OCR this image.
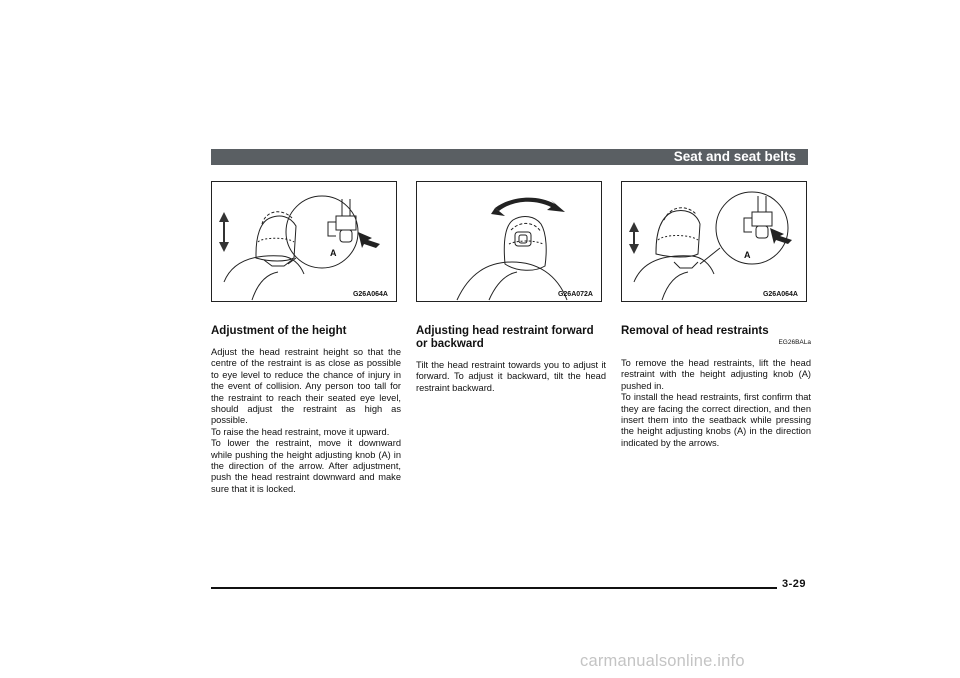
Seat and seat belts
A
G26A064A	G26A072A
A
G26A064A
Adjustment of the height

Adjust the head restraint height so that the centre of the restraint is as close as possible to eye level to reduce the chance of injury in the event of collision. Any person too tall for the restraint to reach their seated eye level, should adjust the restraint as high as possible.

To raise the head restraint, move it upward.

To lower the restraint, move it downward while pushing the height adjusting knob (A) in the direction of the arrow. After adjustment, push the head restraint downward and make sure that it is locked.

Adjusting head restraint forward or backward

Tilt the head restraint towards you to adjust it forward. To adjust it backward, tilt the head restraint backward.

Removal of head restraints
EG26BALa

To remove the head restraints, lift the head restraint with the height adjusting knob (A) pushed in.

To install the head restraints, first confirm that they are facing the correct direction, and then insert them into the seatback while pressing the height adjusting knobs (A) in the direction indicated by the arrows.

3-29
carmanualsonline.info
